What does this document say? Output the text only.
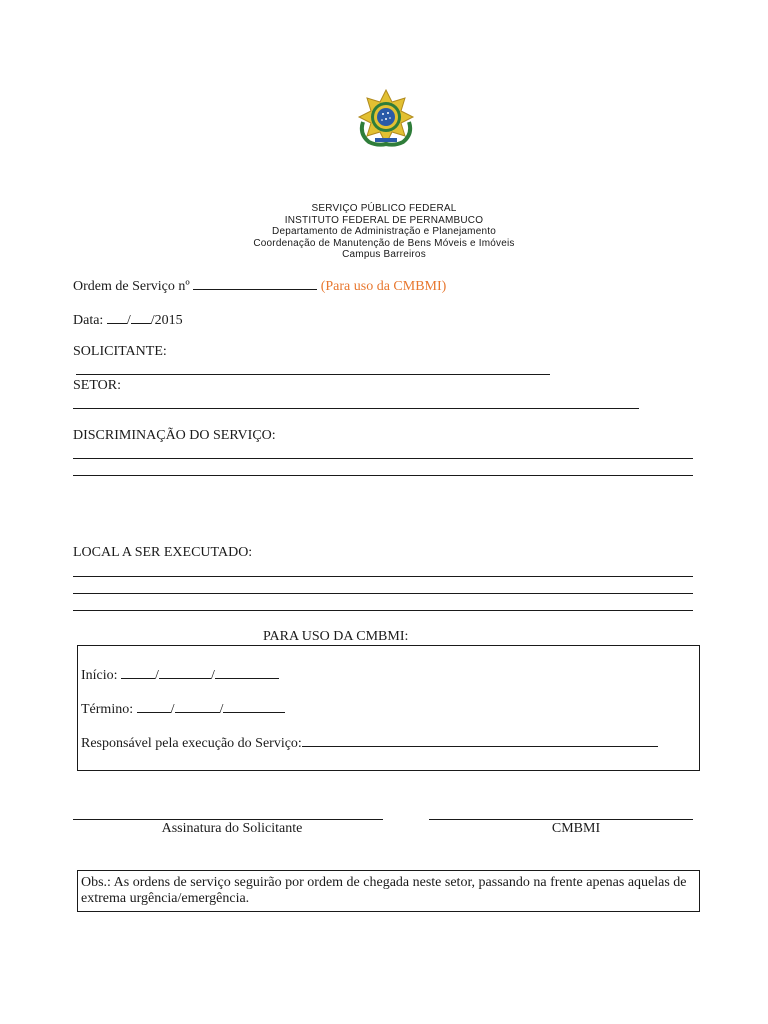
SERVIÇO PÚBLICO FEDERAL
INSTITUTO FEDERAL DE PERNAMBUCO
Departamento de Administração e Planejamento
Coordenação de Manutenção de Bens Móveis e Imóveis
Campus Barreiros
Ordem de Serviço nº	(Para uso da CMBMI)
Data: / /2015
SOLICITANTE:
SETOR:
DISCRIMINAÇÃO DO SERVIÇO:
LOCAL A SER EXECUTADO:
PARA USO DA CMBMI:
Início:	/	/
Término:	/	/
Responsável pela execução do Serviço:
Assinatura do Solicitante	CMBMI
Obs.: As ordens de serviço seguirão por ordem de chegada neste setor, passando na frente apenas aquelas de extrema urgência/emergência.
